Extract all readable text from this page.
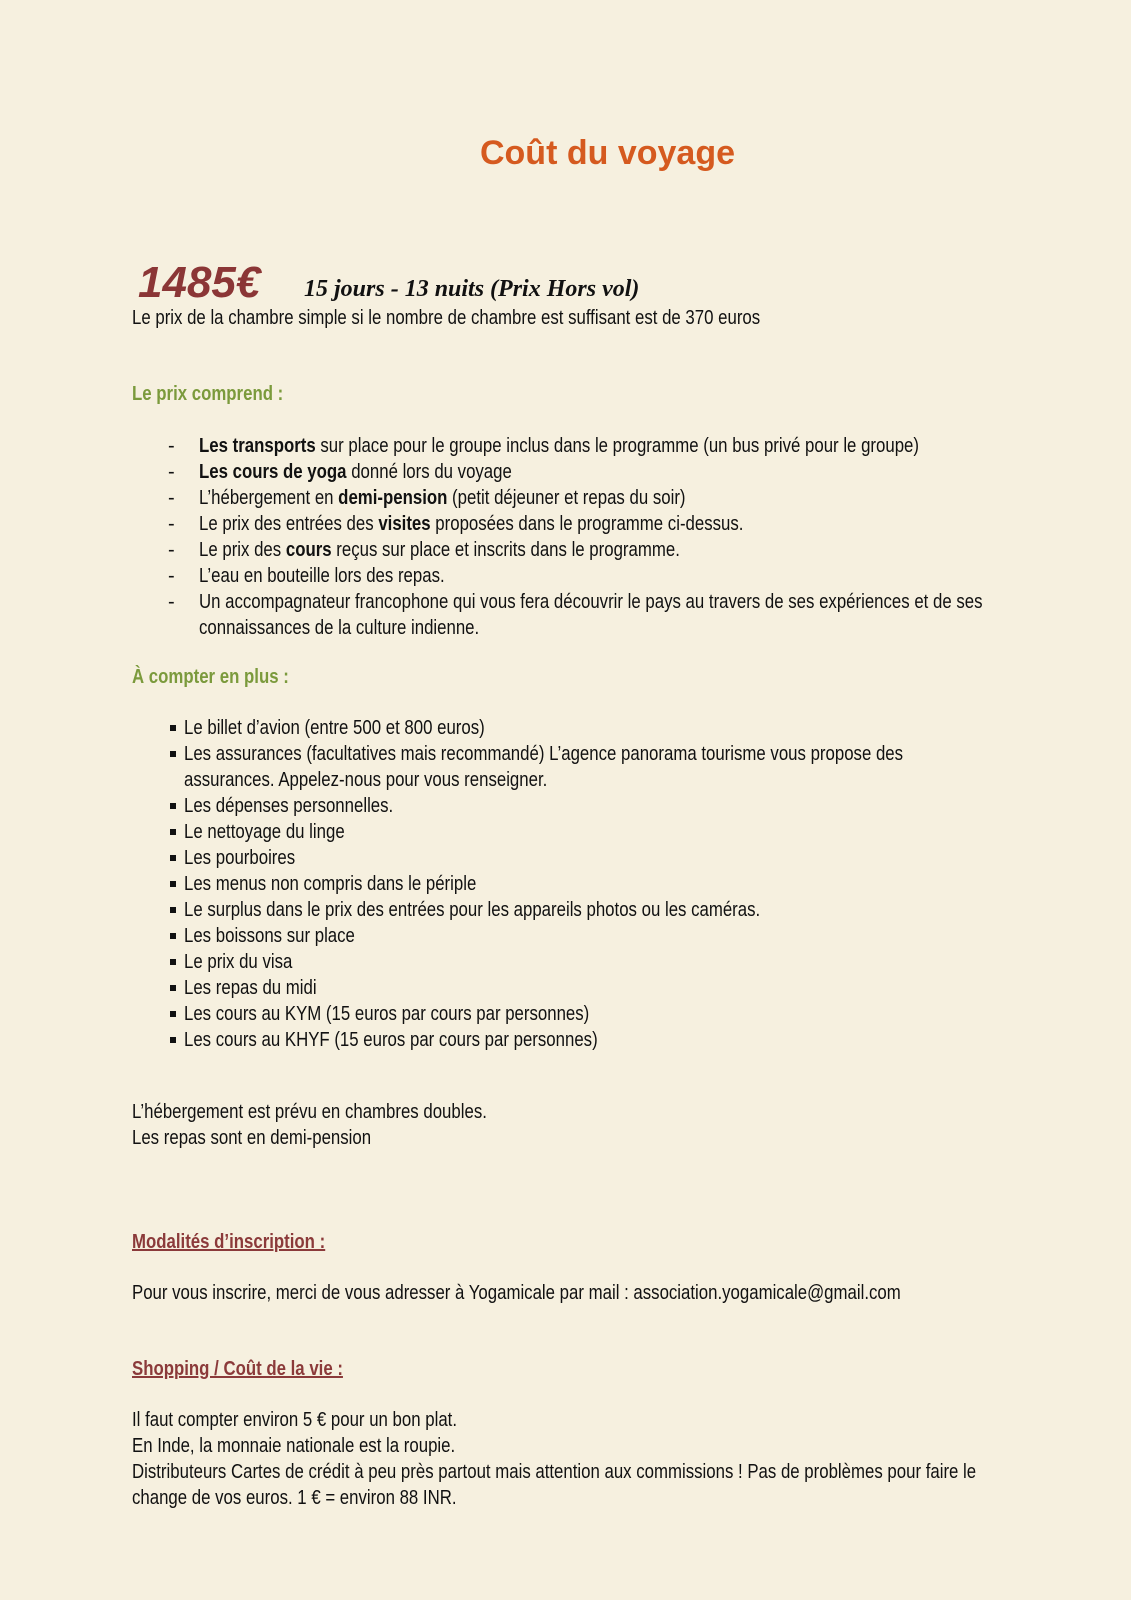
Coût du voyage
1485€ 15 jours - 13 nuits (Prix Hors vol)
Le prix de la chambre simple si le nombre de chambre est suffisant est de 370 euros
Le prix comprend :
- Les transports sur place pour le groupe inclus dans le programme (un bus privé pour le groupe)
- Les cours de yoga donné lors du voyage
- L’hébergement en demi-pension (petit déjeuner et repas du soir)
- Le prix des entrées des visites proposées dans le programme ci-dessus.
- Le prix des cours reçus sur place et inscrits dans le programme.
- L’eau en bouteille lors des repas.
- Un accompagnateur francophone qui vous fera découvrir le pays au travers de ses expériences et de ses
connaissances de la culture indienne.
À compter en plus :
Le billet d’avion (entre 500 et 800 euros)
Les assurances (facultatives mais recommandé) L’agence panorama tourisme vous propose des
assurances. Appelez-nous pour vous renseigner.
Les dépenses personnelles.
Le nettoyage du linge
Les pourboires
Les menus non compris dans le périple
Le surplus dans le prix des entrées pour les appareils photos ou les caméras.
Les boissons sur place
Le prix du visa
Les repas du midi
Les cours au KYM (15 euros par cours par personnes)
Les cours au KHYF (15 euros par cours par personnes)
L’hébergement est prévu en chambres doubles.
Les repas sont en demi-pension
Modalités d’inscription :
Pour vous inscrire, merci de vous adresser à Yogamicale par mail : association.yogamicale@gmail.com
Shopping / Coût de la vie :
Il faut compter environ 5 € pour un bon plat.
En Inde, la monnaie nationale est la roupie.
Distributeurs Cartes de crédit à peu près partout mais attention aux commissions ! Pas de problèmes pour faire le
change de vos euros. 1 € = environ 88 INR.
